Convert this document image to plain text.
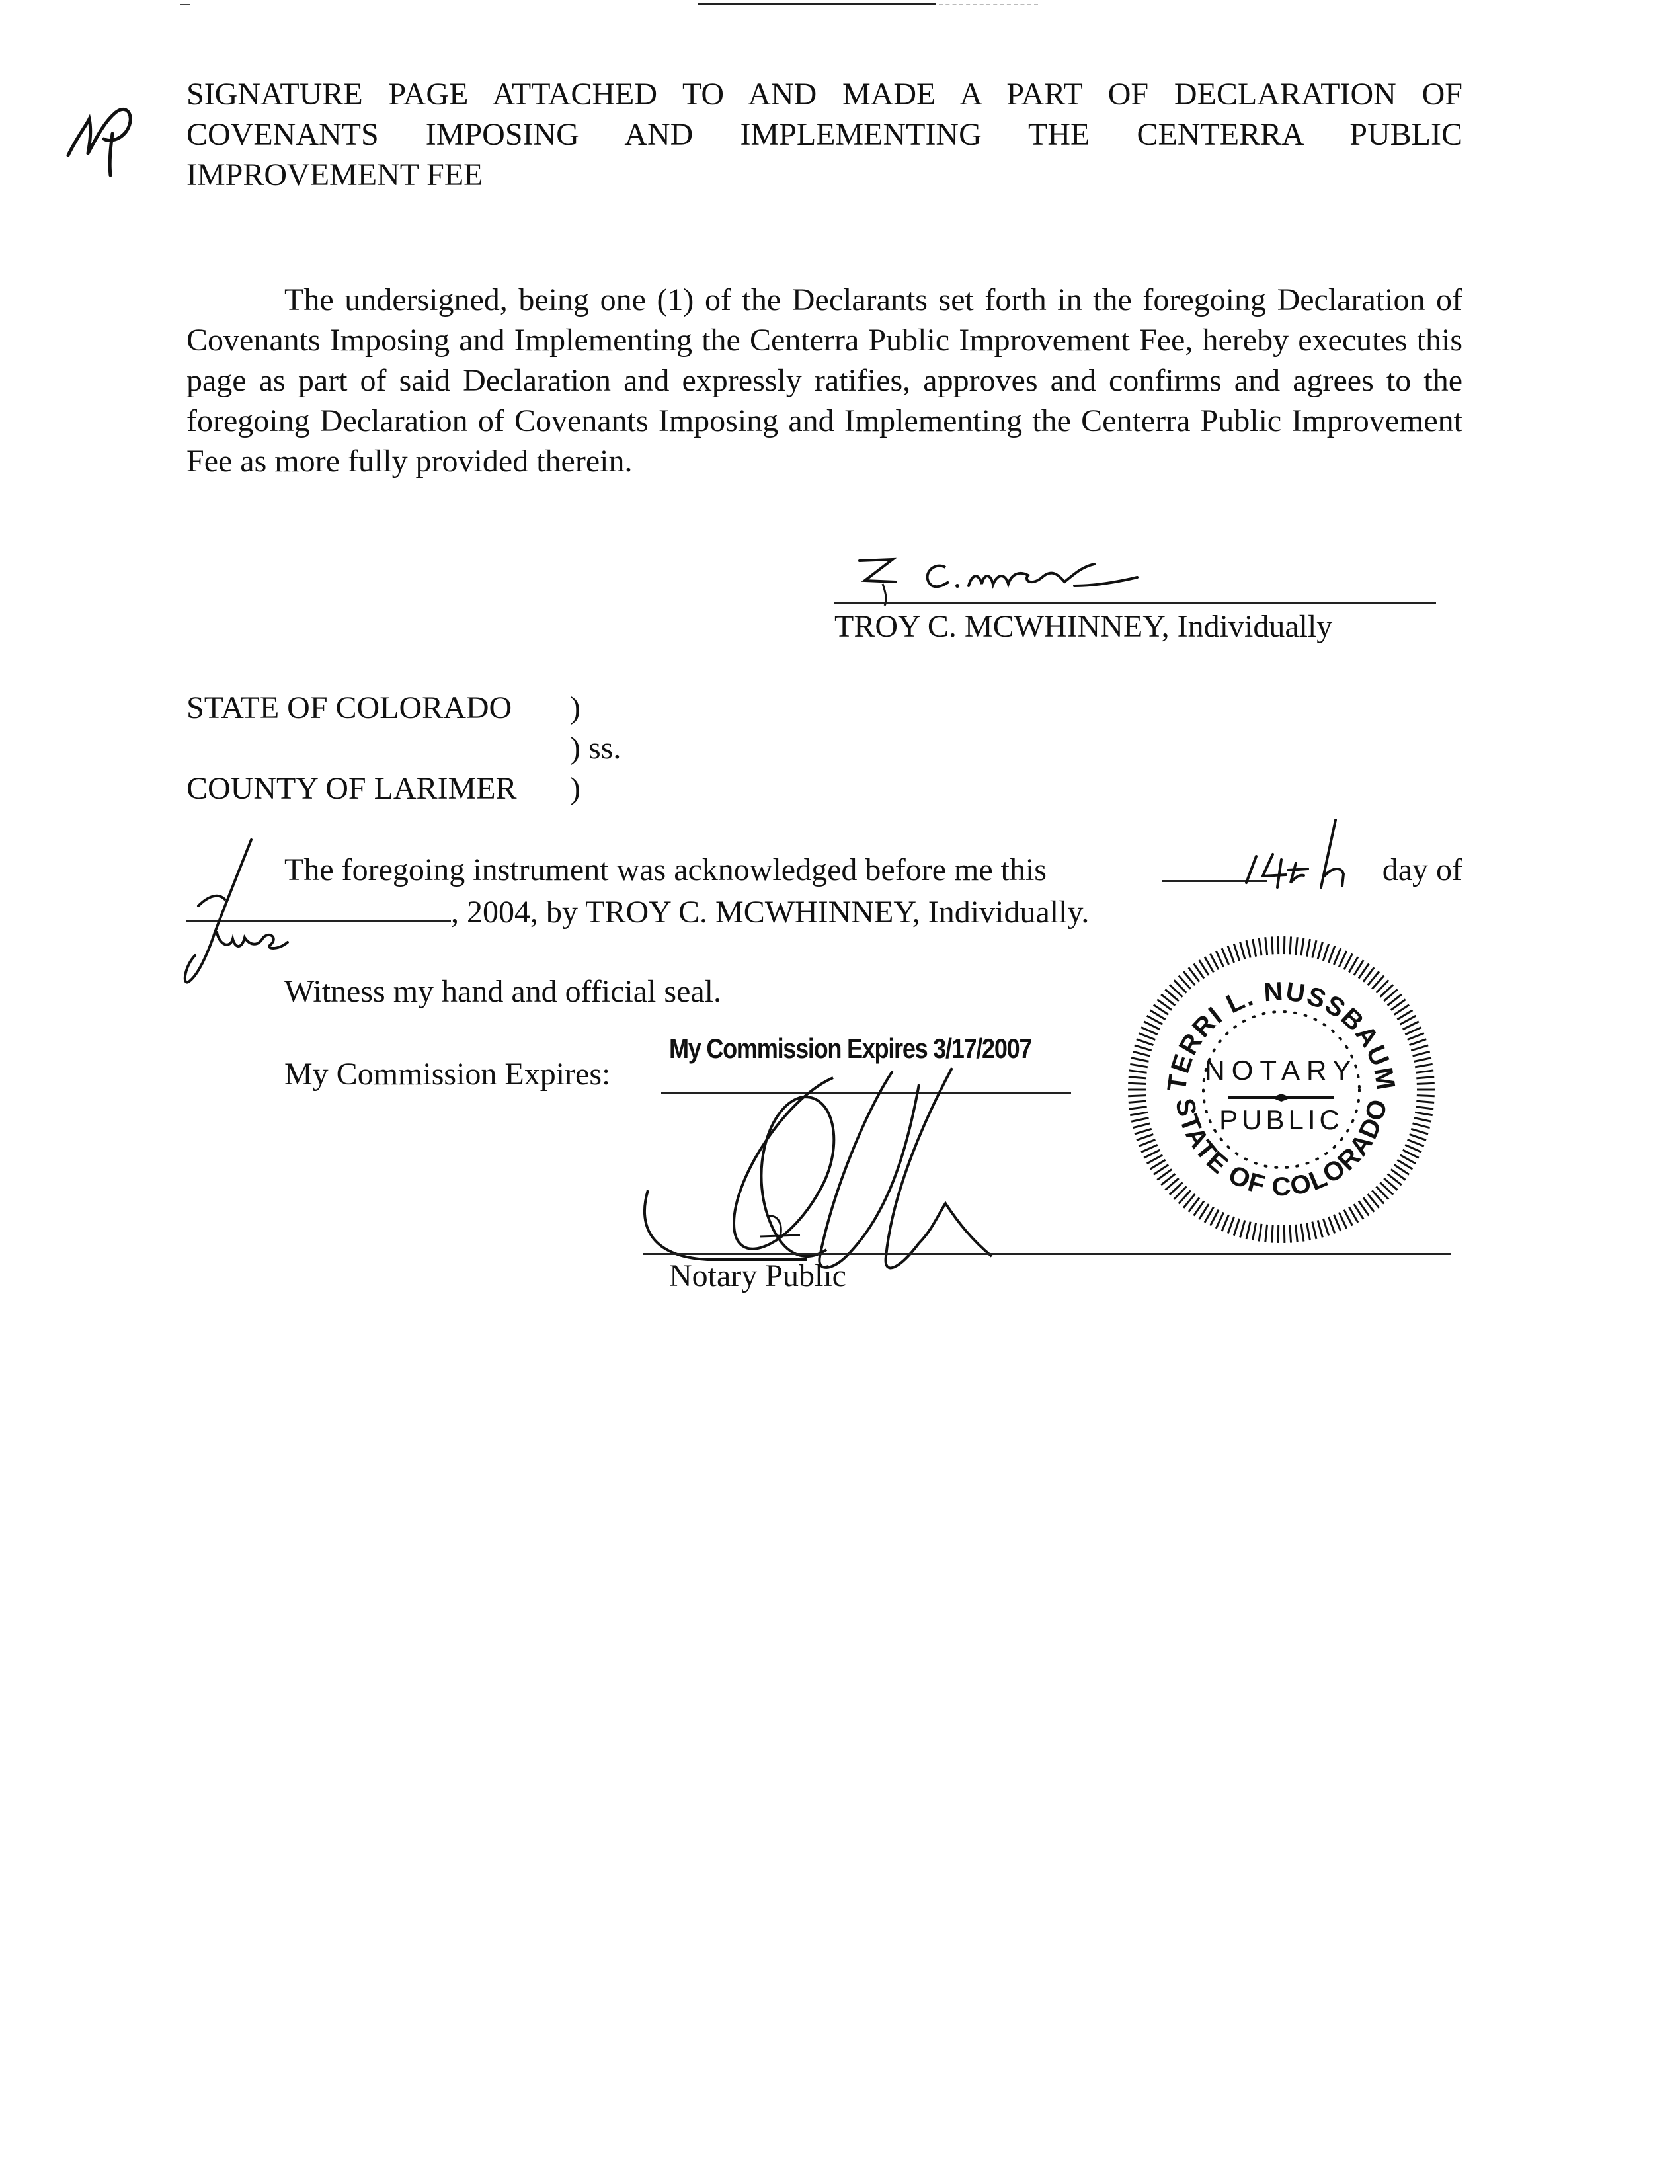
SIGNATURE PAGE ATTACHED TO AND MADE A PART OF DECLARATION OF
COVENANTS IMPOSING AND IMPLEMENTING THE CENTERRA PUBLIC
IMPROVEMENT FEE
The undersigned, being one (1) of the Declarants set forth in the foregoing Declaration of Covenants Imposing and Implementing the Centerra Public Improvement Fee, hereby executes this page as part of said Declaration and expressly ratifies, approves and confirms and agrees to the foregoing Declaration of Covenants Imposing and Implementing the Centerra Public Improvement Fee as more fully provided therein.
TROY C. MCWHINNEY, Individually
STATE OF COLORADO )
) ss.
COUNTY OF LARIMER )
The foregoing instrument was acknowledged before me this	day of
, 2004, by TROY C. MCWHINNEY, Individually.
Witness my hand and official seal.
My Commission Expires 3/17/2007
My Commission Expires:
Notary Public
TERRI L. NUSSBAUM
STATE OF COLORADO
NOTARY
PUBLIC
